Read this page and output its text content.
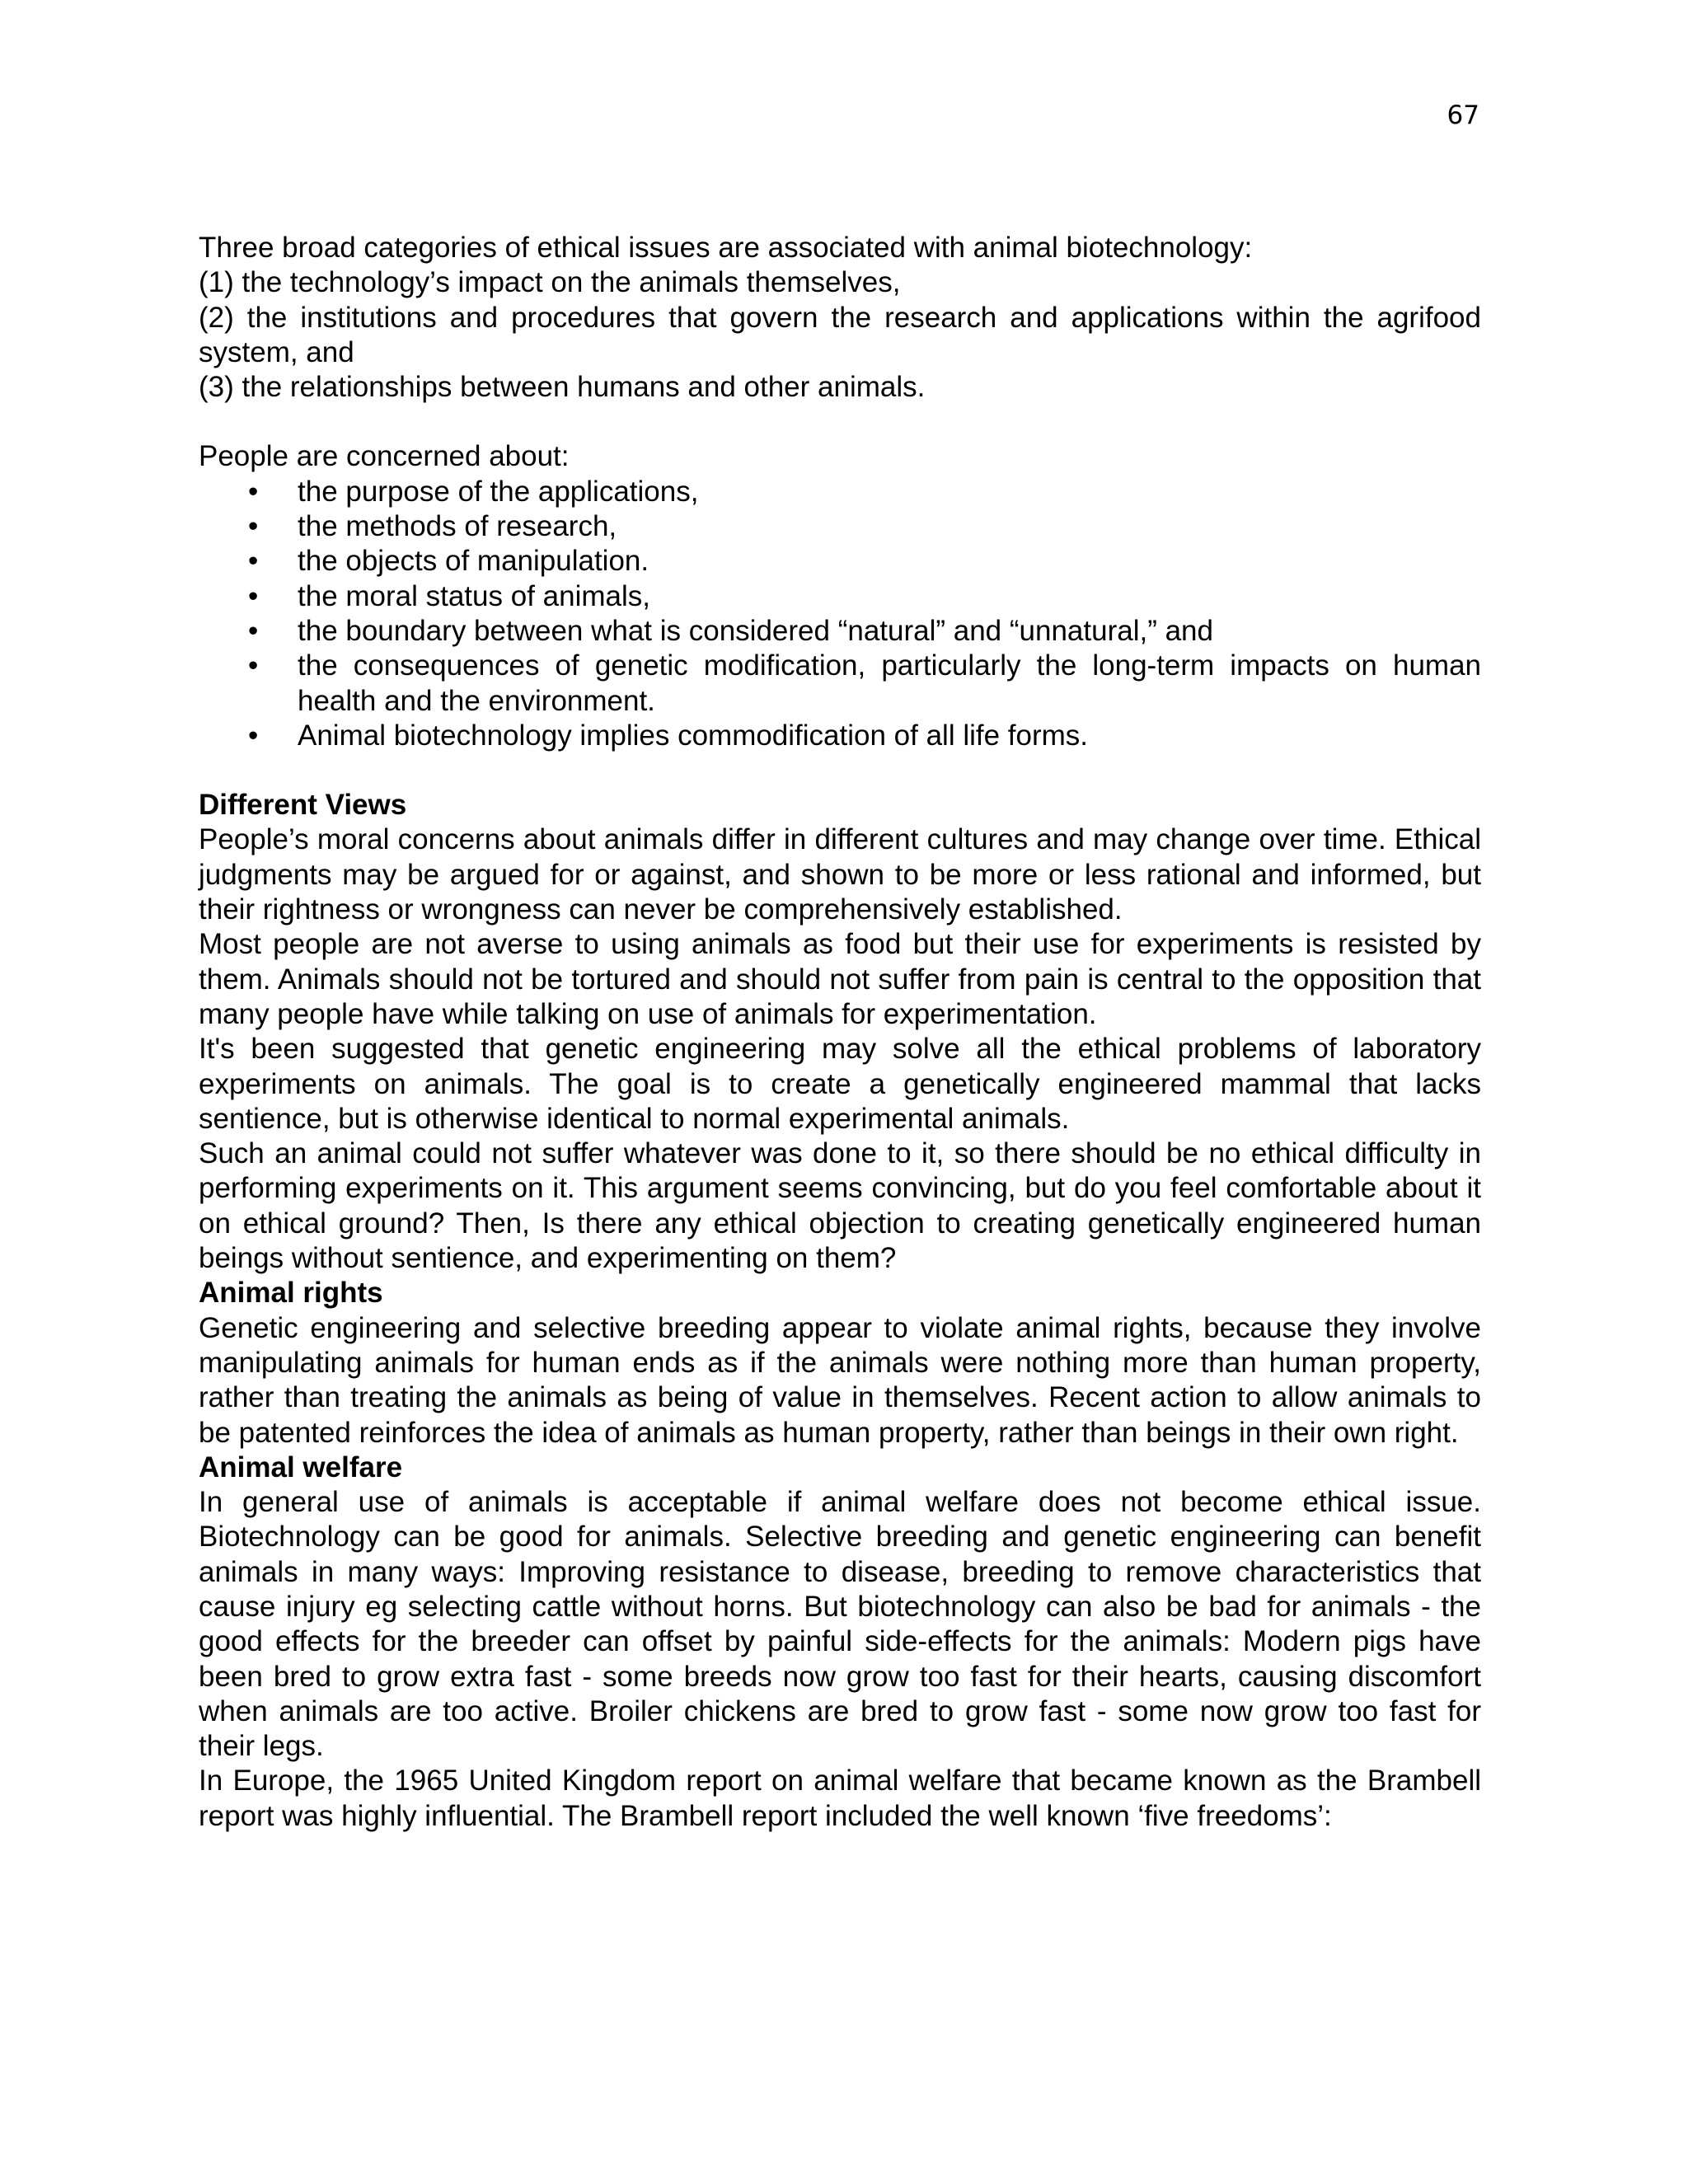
67

Three broad categories of ethical issues are associated with animal biotechnology:

(1) the technology’s impact on the animals themselves,

(2) the institutions and procedures that govern the research and applications within the agrifood system, and

(3) the relationships between humans and other animals.

People are concerned about:

• the purpose of the applications,
• the methods of research,
• the objects of manipulation.
• the moral status of animals,
• the boundary between what is considered “natural” and “unnatural,” and
• the consequences of genetic modification, particularly the long-term impacts on human health and the environment.
• Animal biotechnology implies commodification of all life forms.

Different Views

People’s moral concerns about animals differ in different cultures and may change over time. Ethical judgments may be argued for or against, and shown to be more or less rational and informed, but their rightness or wrongness can never be comprehensively established.

Most people are not averse to using animals as food but their use for experiments is resisted by them. Animals should not be tortured and should not suffer from pain is central to the opposition that many people have while talking on use of animals for experimentation.

It's been suggested that genetic engineering may solve all the ethical problems of laboratory experiments on animals. The goal is to create a genetically engineered mammal that lacks sentience, but is otherwise identical to normal experimental animals.

Such an animal could not suffer whatever was done to it, so there should be no ethical difficulty in performing experiments on it. This argument seems convincing, but do you feel comfortable about it on ethical ground? Then, Is there any ethical objection to creating genetically engineered human beings without sentience, and experimenting on them?

Animal rights

Genetic engineering and selective breeding appear to violate animal rights, because they involve manipulating animals for human ends as if the animals were nothing more than human property, rather than treating the animals as being of value in themselves. Recent action to allow animals to be patented reinforces the idea of animals as human property, rather than beings in their own right.

Animal welfare

In general use of animals is acceptable if animal welfare does not become ethical issue. Biotechnology can be good for animals. Selective breeding and genetic engineering can benefit animals in many ways: Improving resistance to disease, breeding to remove characteristics that cause injury eg selecting cattle without horns. But biotechnology can also be bad for animals - the good effects for the breeder can offset by painful side-effects for the animals: Modern pigs have been bred to grow extra fast - some breeds now grow too fast for their hearts, causing discomfort when animals are too active. Broiler chickens are bred to grow fast - some now grow too fast for their legs.

In Europe, the 1965 United Kingdom report on animal welfare that became known as the Brambell report was highly influential. The Brambell report included the well known ‘five freedoms’:
